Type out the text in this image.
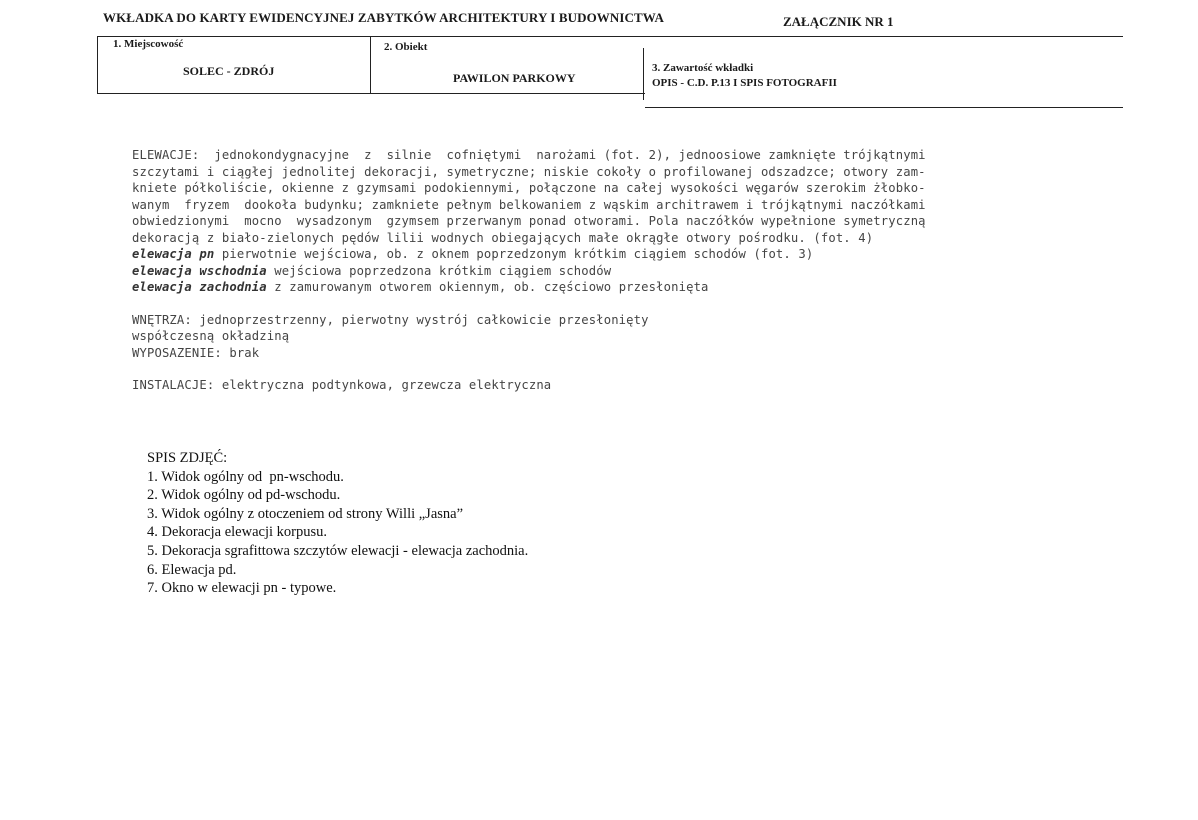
WKŁADKA DO KARTY EWIDENCYJNEJ ZABYTKÓW ARCHITEKTURY I BUDOWNICTWA	ZAŁĄCZNIK NR 1
1. Miejscowość
SOLEC - ZDRÓJ
2. Obiekt
PAWILON PARKOWY
3. Zawartość wkładki
OPIS - C.D. P.13 I SPIS FOTOGRAFII

ELEWACJE:  jednokondygnacyjne  z  silnie  cofniętymi  narożami (fot. 2), jednoosiowe zamknięte trójkątnymi

szczytami i ciągłej jednolitej dekoracji, symetryczne; niskie cokoły o profilowanej odszadzce; otwory zam-

kniete półkoliście, okienne z gzymsami podokiennymi, połączone na całej wysokości węgarów szerokim żłobko-

wanym  fryzem  dookoła budynku; zamkniete pełnym belkowaniem z wąskim architrawem i trójkątnymi naczółkami

obwiedzionymi  mocno  wysadzonym  gzymsem przerwanym ponad otworami. Pola naczółków wypełnione symetryczną

dekoracją z biało-zielonych pędów lilii wodnych obiegających małe okrągłe otwory pośrodku. (fot. 4)

elewacja pn pierwotnie wejściowa, ob. z oknem poprzedzonym krótkim ciągiem schodów (fot. 3)

elewacja wschodnia wejściowa poprzedzona krótkim ciągiem schodów

elewacja zachodnia z zamurowanym otworem okiennym, ob. częściowo przesłonięta

WNĘTRZA: jednoprzestrzenny, pierwotny wystrój całkowicie przesłonięty

współczesną okładziną

WYPOSAZENIE: brak

INSTALACJE: elektryczna podtynkowa, grzewcza elektryczna

SPIS ZDJĘĆ:
1. Widok ogólny od  pn-wschodu.
2. Widok ogólny od pd-wschodu.
3. Widok ogólny z otoczeniem od strony Willi „Jasna”
4. Dekoracja elewacji korpusu.
5. Dekoracja sgrafittowa szczytów elewacji - elewacja zachodnia.
6. Elewacja pd.
7. Okno w elewacji pn - typowe.
